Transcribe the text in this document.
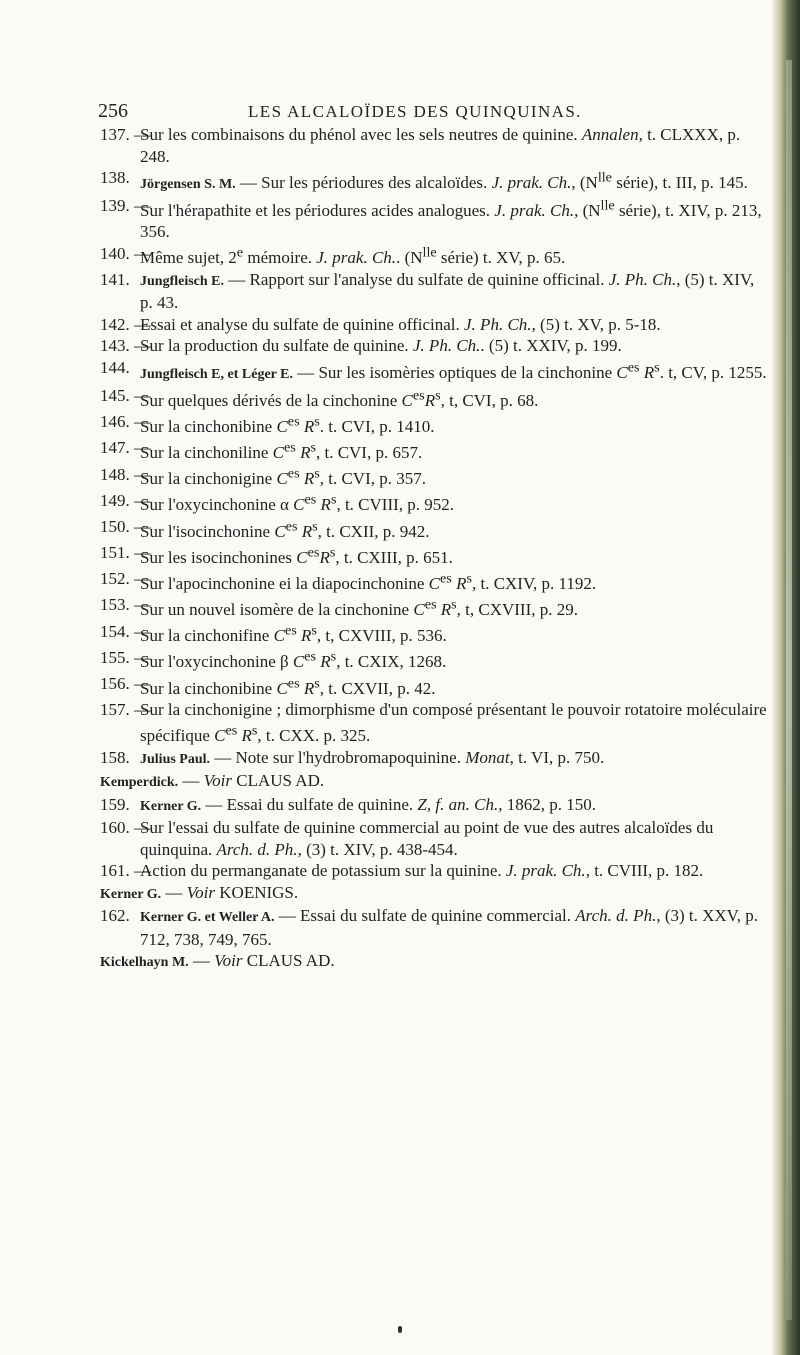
256	LES ALCALOÏDES DES QUINQUINAS.
137. —
Sur les combinaisons du phénol avec les sels neutres de quinine. Annalen, t. CLXXX, p. 248.
138. Jörgensen S. M. — Sur les périodures des alcaloïdes. J. prak. Ch., ($N^{lle}$ série), t. III, p. 145.
139. —
Sur l'hérapathite et les périodures acides analogues. J. prak. Ch., ($N^{lle}$ série), t. XIV, p. 213, 356.
140. —
Même sujet, 2e mémoire. J. prak. Ch.. ($N^{lle}$ série) t. XV, p. 65.
141. Jungfleisch E. — Rapport sur l'analyse du sulfate de quinine officinal. J. Ph. Ch., (5) t. XIV, p. 43.
142. —
Essai et analyse du sulfate de quinine officinal. J. Ph. Ch., (5) t. XV, p. 5-18.
143. —
Sur la production du sulfate de quinine. J. Ph. Ch.. (5) t. XXIV, p. 199.
144. Jungfleisch E, et Léger E. — Sur les isomèries optiques de la cinchonine $C^{es}$ $R^s$. t, CV, p. 1255.
145. —
Sur quelques dérivés de la cinchonine $C^{es}R^s$, t, CVI, p. 68.
146. —
Sur la cinchonibine $C^{es}$ $R^s$. t. CVI, p. 1410.
147. —
Sur la cinchoniline $C^{es}$ $R^s$, t. CVI, p. 657.
148. —
Sur la cinchonigine $C^{es}$ $R^s$, t. CVI, p. 357.
149. —
Sur l'oxycinchonine α $C^{es}$ $R^s$, t. CVIII, p. 952.
150. —
Sur l'isocinchonine $C^{es}$ $R^s$, t. CXII, p. 942.
151. —
Sur les isocinchonines $C^{es}R^s$, t. CXIII, p. 651.
152. —
Sur l'apocinchonine ei la diapocinchonine $C^{es}$ $R^s$, t. CXIV, p. 1192.
153. —
Sur un nouvel isomère de la cinchonine $C^{es}$ $R^s$, t, CXVIII, p. 29.
154. —
Sur la cinchonifine $C^{es}$ $R^s$, t, CXVIII, p. 536.
155. —
Sur l'oxycinchonine β $C^{es}$ $R^s$, t. CXIX, 1268.
156. —
Sur la cinchonibine $C^{es}$ $R^s$, t. CXVII, p. 42.
157. —
Sur la cinchonigine ; dimorphisme d'un composé présentant le pouvoir rotatoire moléculaire spécifique $C^{es}$ $R^s$, t. CXX. p. 325.
158. Julius Paul. — Note sur l'hydrobromapoquinine. Monat, t. VI, p. 750.
Kemperdick. — Voir CLAUS AD.
159. Kerner G. — Essai du sulfate de quinine. Z, f. an. Ch., 1862, p. 150.
160. —
Sur l'essai du sulfate de quinine commercial au point de vue des autres alcaloïdes du quinquina. Arch. d. Ph., (3) t. XIV, p. 438-454.
161. —
Action du permanganate de potassium sur la quinine. J. prak. Ch., t. CVIII, p. 182.
Kerner G. — Voir KOENIGS.
162. Kerner G. et Weller A. — Essai du sulfate de quinine commercial. Arch. d. Ph., (3) t. XXV, p. 712, 738, 749, 765.
Kickelhayn M. — Voir CLAUS AD.
